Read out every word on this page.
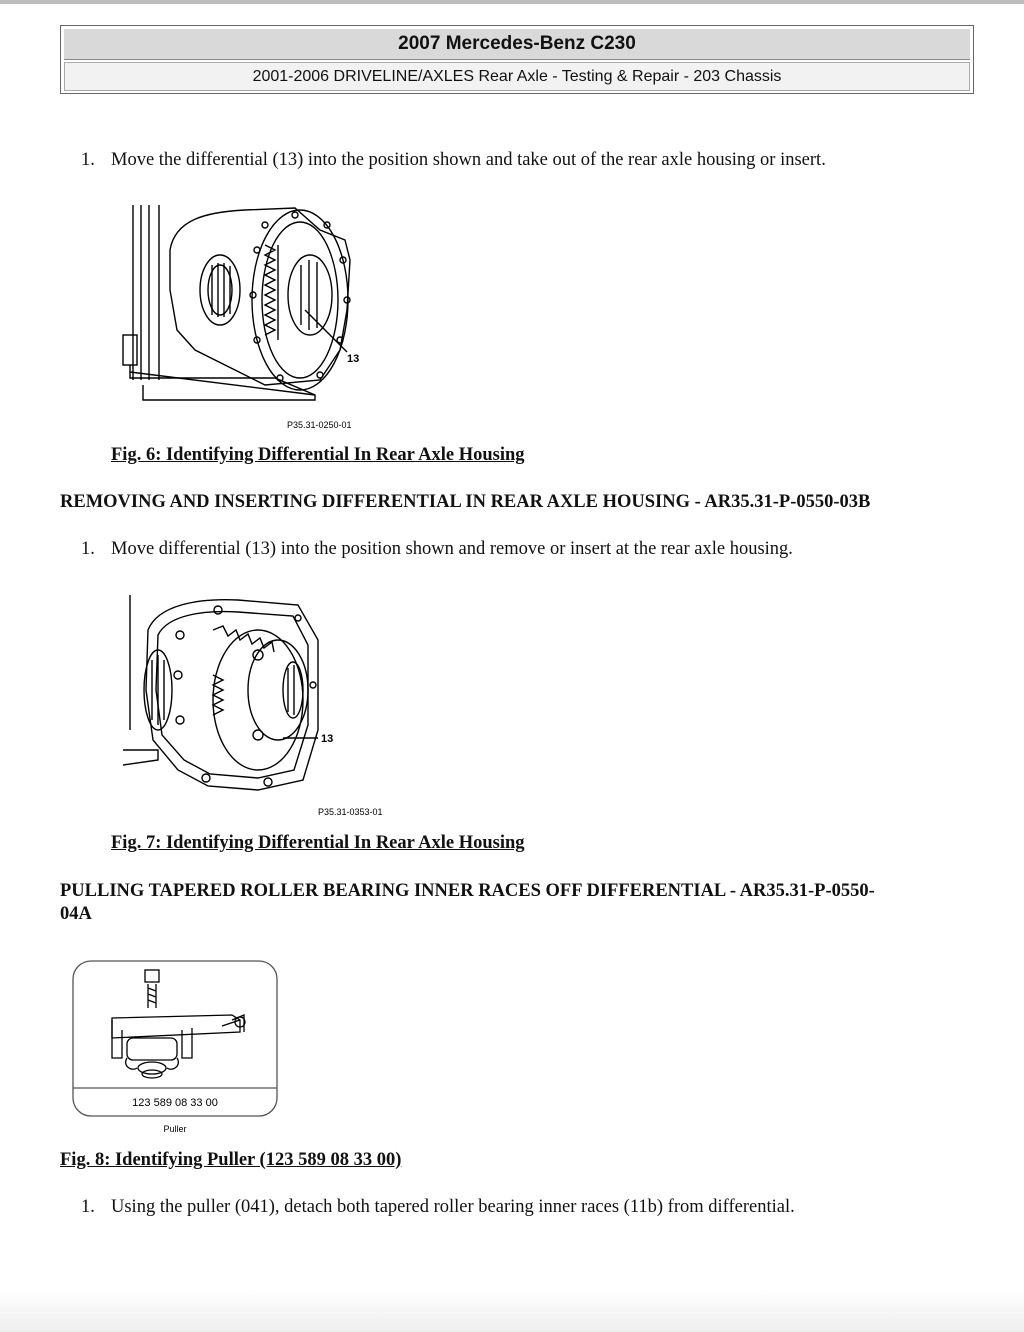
2007 Mercedes-Benz C230
2001-2006 DRIVELINE/AXLES Rear Axle - Testing & Repair - 203 Chassis
1. Move the differential (13) into the position shown and take out of the rear axle housing or insert.
13
P35.31-0250-01
Fig. 6: Identifying Differential In Rear Axle Housing
REMOVING AND INSERTING DIFFERENTIAL IN REAR AXLE HOUSING - AR35.31-P-0550-03B
1. Move differential (13) into the position shown and remove or insert at the rear axle housing.
13
P35.31-0353-01
Fig. 7: Identifying Differential In Rear Axle Housing
PULLING TAPERED ROLLER BEARING INNER RACES OFF DIFFERENTIAL - AR35.31-P-0550-
04A
123 589 08 33 00
Puller
Fig. 8: Identifying Puller (123 589 08 33 00)
1. Using the puller (041), detach both tapered roller bearing inner races (11b) from differential.
